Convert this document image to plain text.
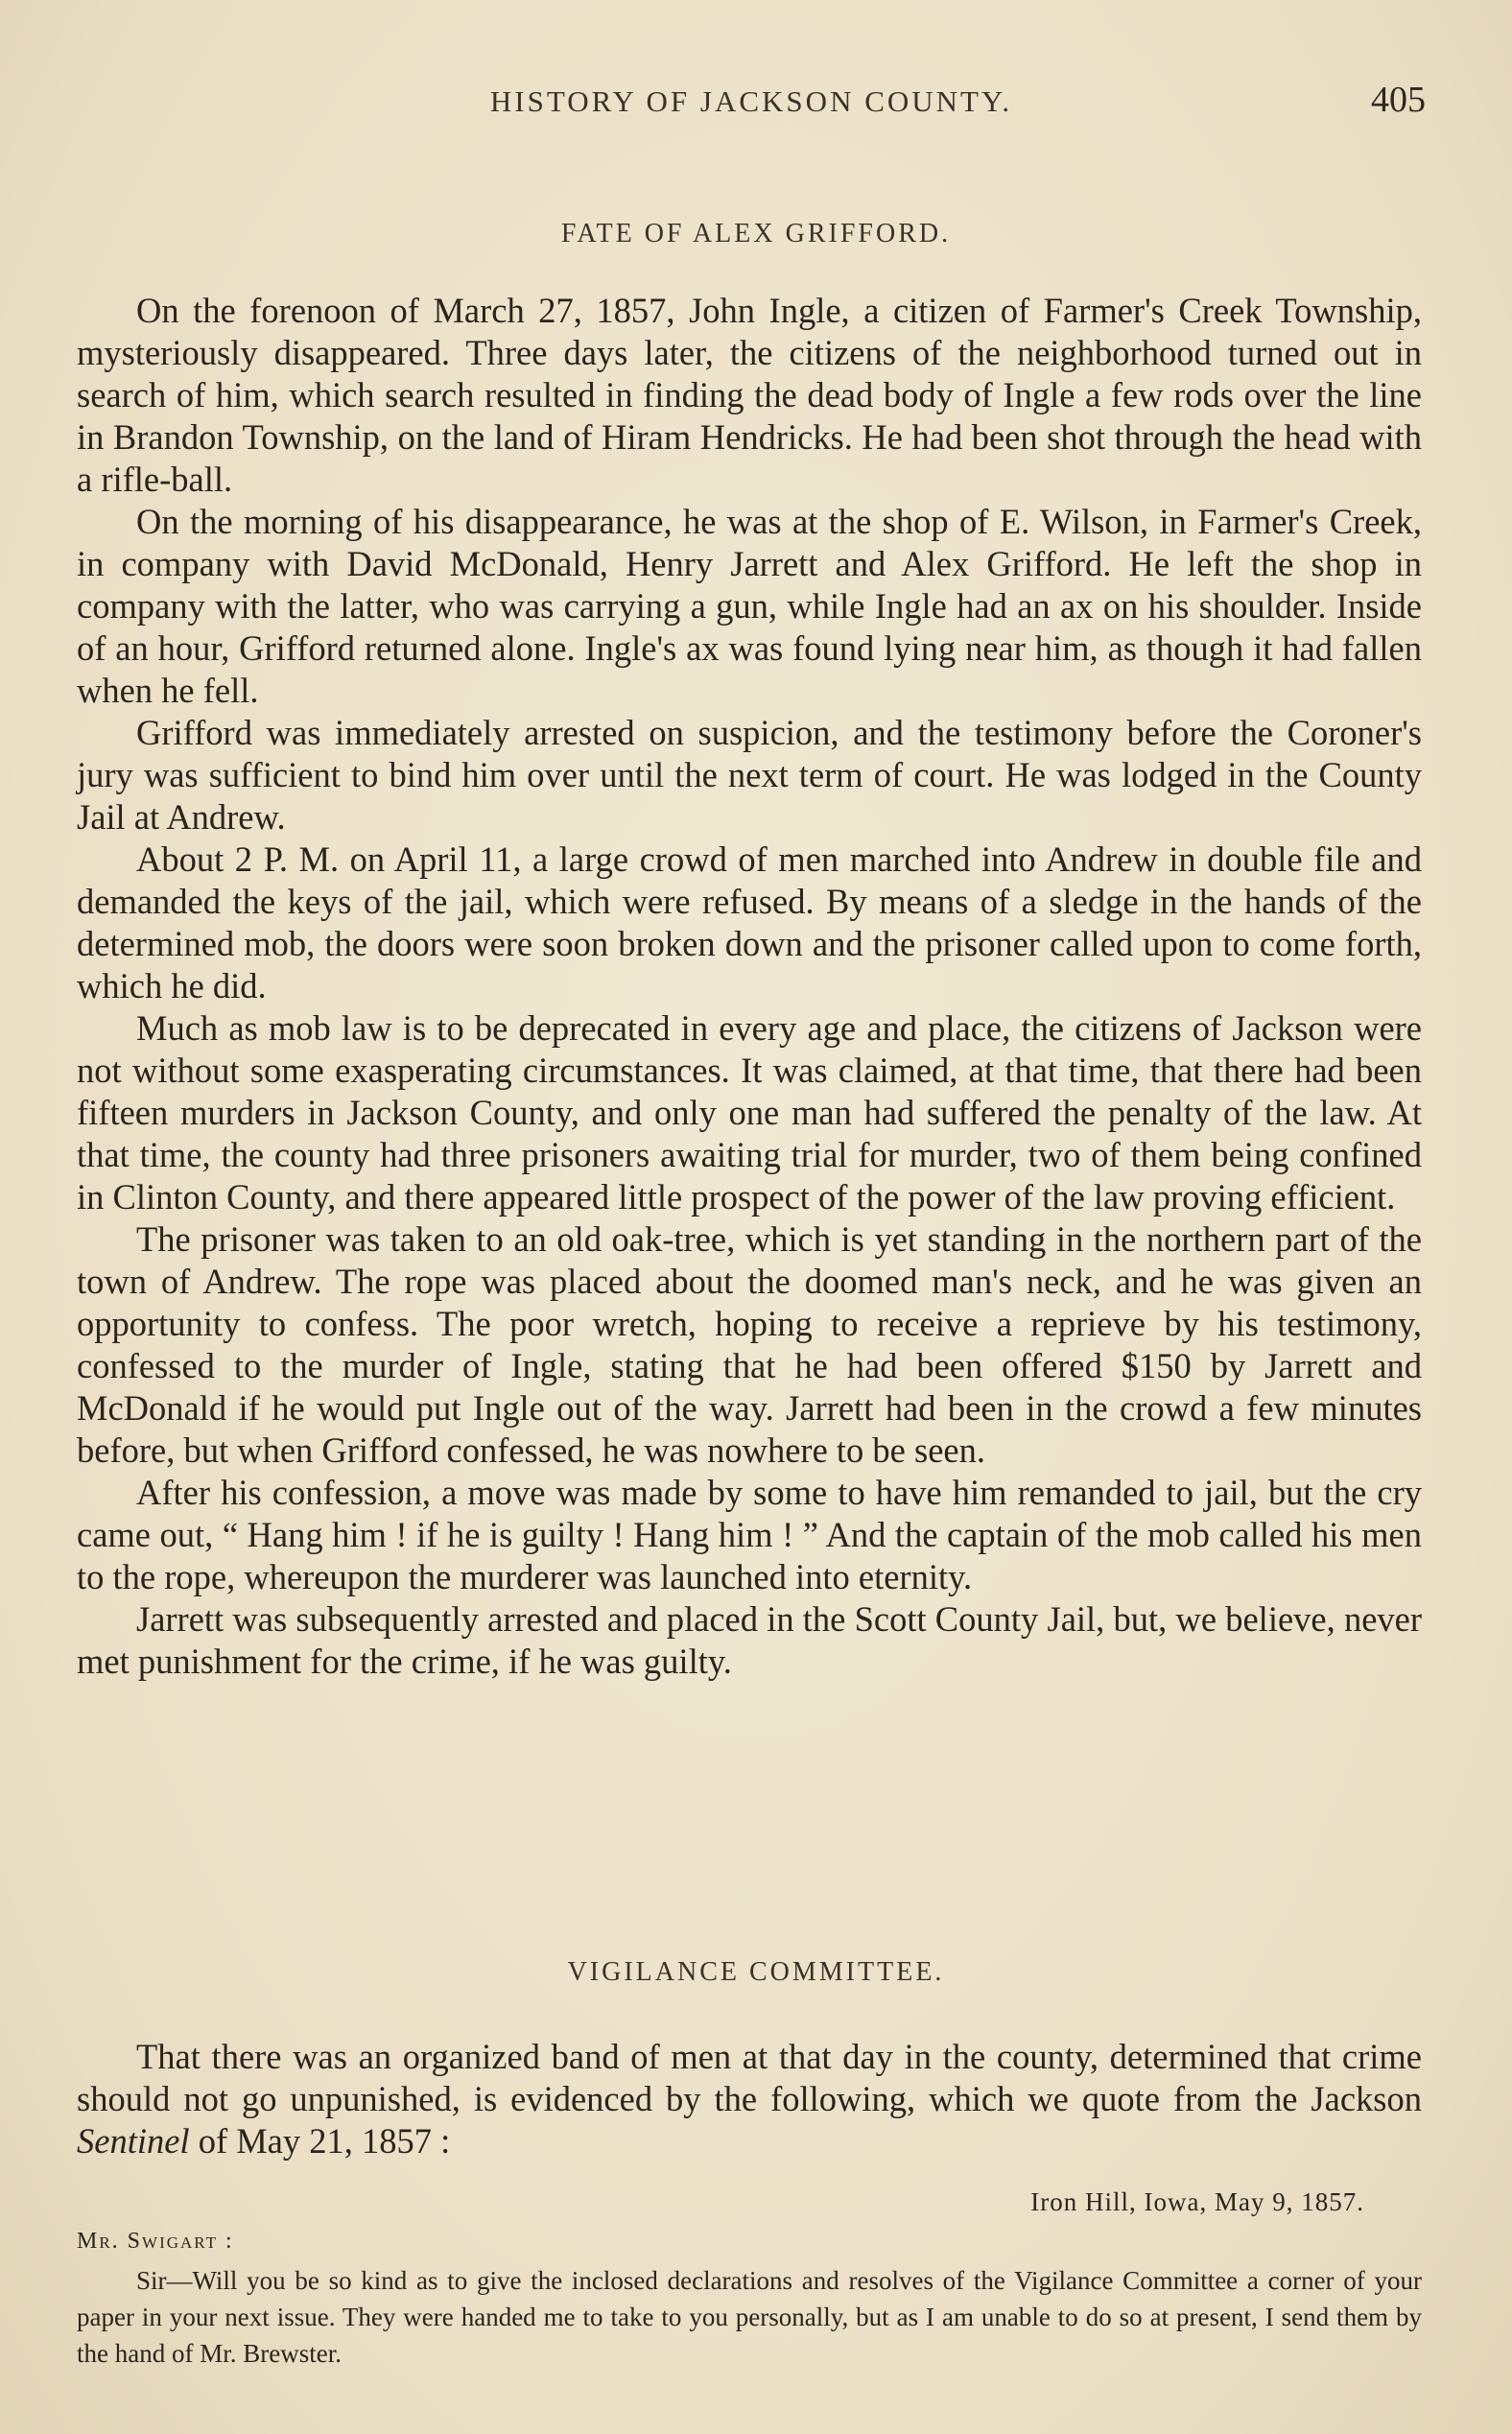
HISTORY OF JACKSON COUNTY.	405
FATE OF ALEX GRIFFORD.

On the forenoon of March 27, 1857, John Ingle, a citizen of Farmer's Creek Township, mysteriously disappeared. Three days later, the citizens of the neighborhood turned out in search of him, which search resulted in finding the dead body of Ingle a few rods over the line in Brandon Township, on the land of Hiram Hendricks. He had been shot through the head with a rifle-ball.

On the morning of his disappearance, he was at the shop of E. Wilson, in Farmer's Creek, in company with David McDonald, Henry Jarrett and Alex Grifford. He left the shop in company with the latter, who was carrying a gun, while Ingle had an ax on his shoulder. Inside of an hour, Grifford returned alone. Ingle's ax was found lying near him, as though it had fallen when he fell.

Grifford was immediately arrested on suspicion, and the testimony before the Coroner's jury was sufficient to bind him over until the next term of court. He was lodged in the County Jail at Andrew.

About 2 P. M. on April 11, a large crowd of men marched into Andrew in double file and demanded the keys of the jail, which were refused. By means of a sledge in the hands of the determined mob, the doors were soon broken down and the prisoner called upon to come forth, which he did.

Much as mob law is to be deprecated in every age and place, the citizens of Jackson were not without some exasperating circumstances. It was claimed, at that time, that there had been fifteen murders in Jackson County, and only one man had suffered the penalty of the law. At that time, the county had three prisoners awaiting trial for murder, two of them being confined in Clinton County, and there appeared little prospect of the power of the law proving efficient.

The prisoner was taken to an old oak-tree, which is yet standing in the northern part of the town of Andrew. The rope was placed about the doomed man's neck, and he was given an opportunity to confess. The poor wretch, hoping to receive a reprieve by his testimony, confessed to the murder of Ingle, stating that he had been offered $150 by Jarrett and McDonald if he would put Ingle out of the way. Jarrett had been in the crowd a few minutes before, but when Grifford confessed, he was nowhere to be seen.

After his confession, a move was made by some to have him remanded to jail, but the cry came out, “ Hang him ! if he is guilty ! Hang him ! ” And the captain of the mob called his men to the rope, whereupon the murderer was launched into eternity.

Jarrett was subsequently arrested and placed in the Scott County Jail, but, we believe, never met punishment for the crime, if he was guilty.

VIGILANCE COMMITTEE.

That there was an organized band of men at that day in the county, determined that crime should not go unpunished, is evidenced by the following, which we quote from the Jackson Sentinel of May 21, 1857 :

Iron Hill, Iowa, May 9, 1857.
Mr. Swigart :

Sir—Will you be so kind as to give the inclosed declarations and resolves of the Vigilance Committee a corner of your paper in your next issue. They were handed me to take to you personally, but as I am unable to do so at present, I send them by the hand of Mr. Brewster.
